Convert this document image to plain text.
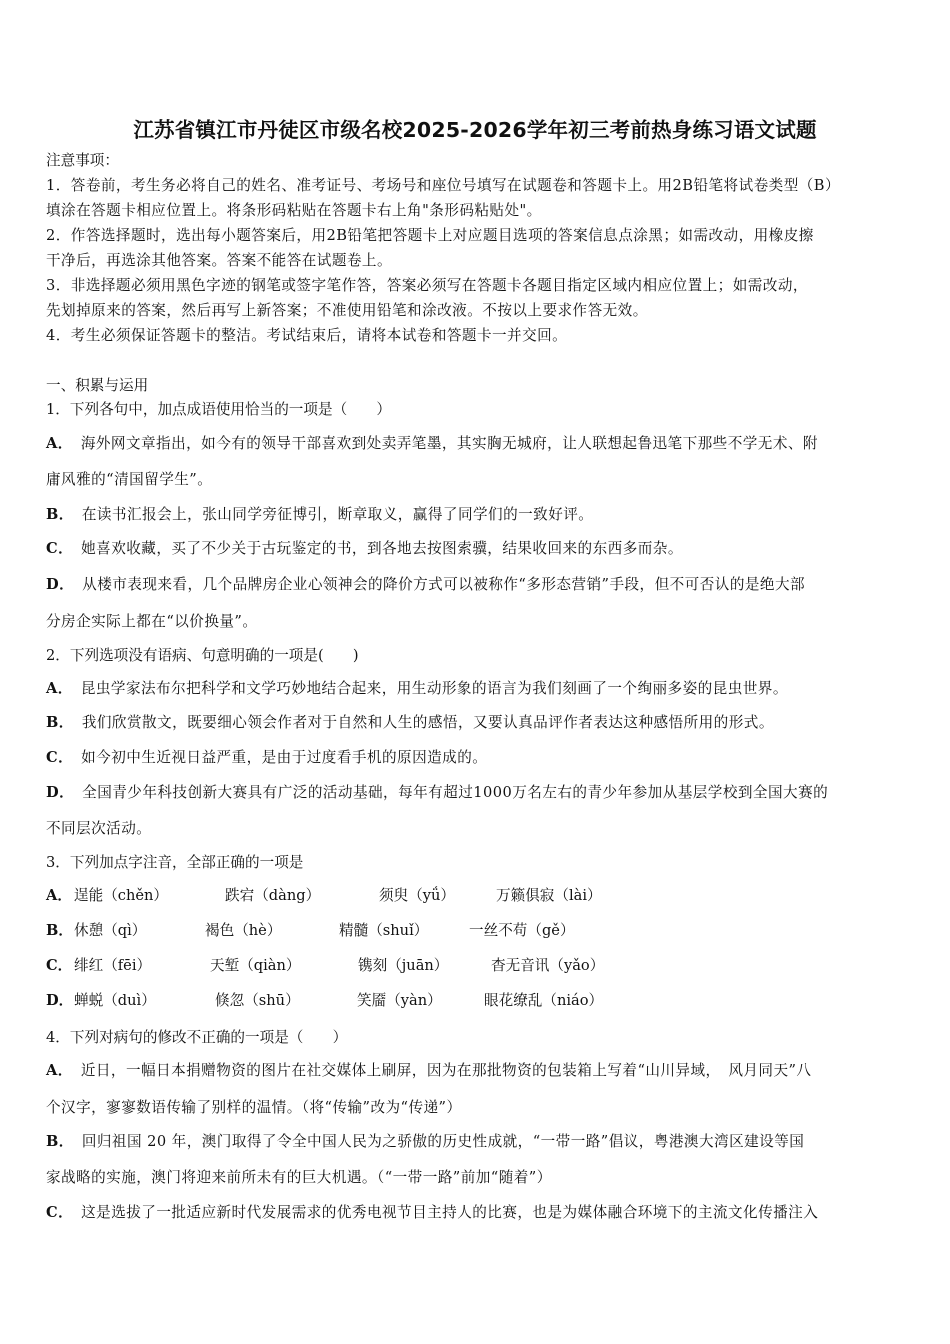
江苏省镇江市丹徒区市级名校2025-2026学年初三考前热身练习语文试题
注意事项：
1．答卷前，考生务必将自己的姓名、准考证号、考场号和座位号填写在试题卷和答题卡上。用2B铅笔将试卷类型（B）
填涂在答题卡相应位置上。将条形码粘贴在答题卡右上角"条形码粘贴处"。
2．作答选择题时，选出每小题答案后，用2B铅笔把答题卡上对应题目选项的答案信息点涂黑；如需改动，用橡皮擦
干净后，再选涂其他答案。答案不能答在试题卷上。
3．非选择题必须用黑色字迹的钢笔或签字笔作答，答案必须写在答题卡各题目指定区域内相应位置上；如需改动，
先划掉原来的答案，然后再写上新答案；不准使用铅笔和涂改液。不按以上要求作答无效。
4．考生必须保证答题卡的整洁。考试结束后，请将本试卷和答题卡一并交回。
一、积累与运用
1．下列各句中，加点成语使用恰当的一项是（　　）
A． 海外网文章指出，如今有的领导干部喜欢到处卖弄笔墨，其实胸无城府，让人联想起鲁迅笔下那些不学无术、附
庸风雅的“清国留学生”。
B． 在读书汇报会上，张山同学旁征博引，断章取义，赢得了同学们的一致好评。
C． 她喜欢收藏，买了不少关于古玩鉴定的书，到各地去按图索骥，结果收回来的东西多而杂。
D． 从楼市表现来看，几个品牌房企业心领神会的降价方式可以被称作“多形态营销”手段，但不可否认的是绝大部
分房企实际上都在“以价换量”。
2．下列选项没有语病、句意明确的一项是(　　)
A． 昆虫学家法布尔把科学和文学巧妙地结合起来，用生动形象的语言为我们刻画了一个绚丽多姿的昆虫世界。
B． 我们欣赏散文，既要细心领会作者对于自然和人生的感悟，又要认真品评作者表达这种感悟所用的形式。
C． 如今初中生近视日益严重，是由于过度看手机的原因造成的。
D． 全国青少年科技创新大赛具有广泛的活动基础，每年有超过1000万名左右的青少年参加从基层学校到全国大赛的
不同层次活动。
3．下列加点字注音，全部正确的一项是
A． 逞能（chěn）	跌宕（dàng）	须臾（yǘ）	万籁俱寂（lài）
B． 休憩（qì）	褐色（hè）	精髓（shuǐ）	一丝不苟（gě）
C． 绯红（fēi）	天堑（qiàn）	镌刻（juān）	杳无音讯（yǎo）
D． 蝉蜕（duì）	倏忽（shū）	笑靥（yàn）	眼花缭乱（niáo）
4．下列对病句的修改不正确的一项是（　　）
A． 近日，一幅日本捐赠物资的图片在社交媒体上刷屏，因为在那批物资的包装箱上写着“山川异域，　风月同天”八
个汉字，寥寥数语传输了别样的温情。（将“传输”改为“传递”）
B． 回归祖国 20 年，澳门取得了令全中国人民为之骄傲的历史性成就，“一带一路”倡议，粤港澳大湾区建设等国
家战略的实施，澳门将迎来前所未有的巨大机遇。（“一带一路”前加“随着”）
C． 这是选拔了一批适应新时代发展需求的优秀电视节目主持人的比赛，也是为媒体融合环境下的主流文化传播注入
